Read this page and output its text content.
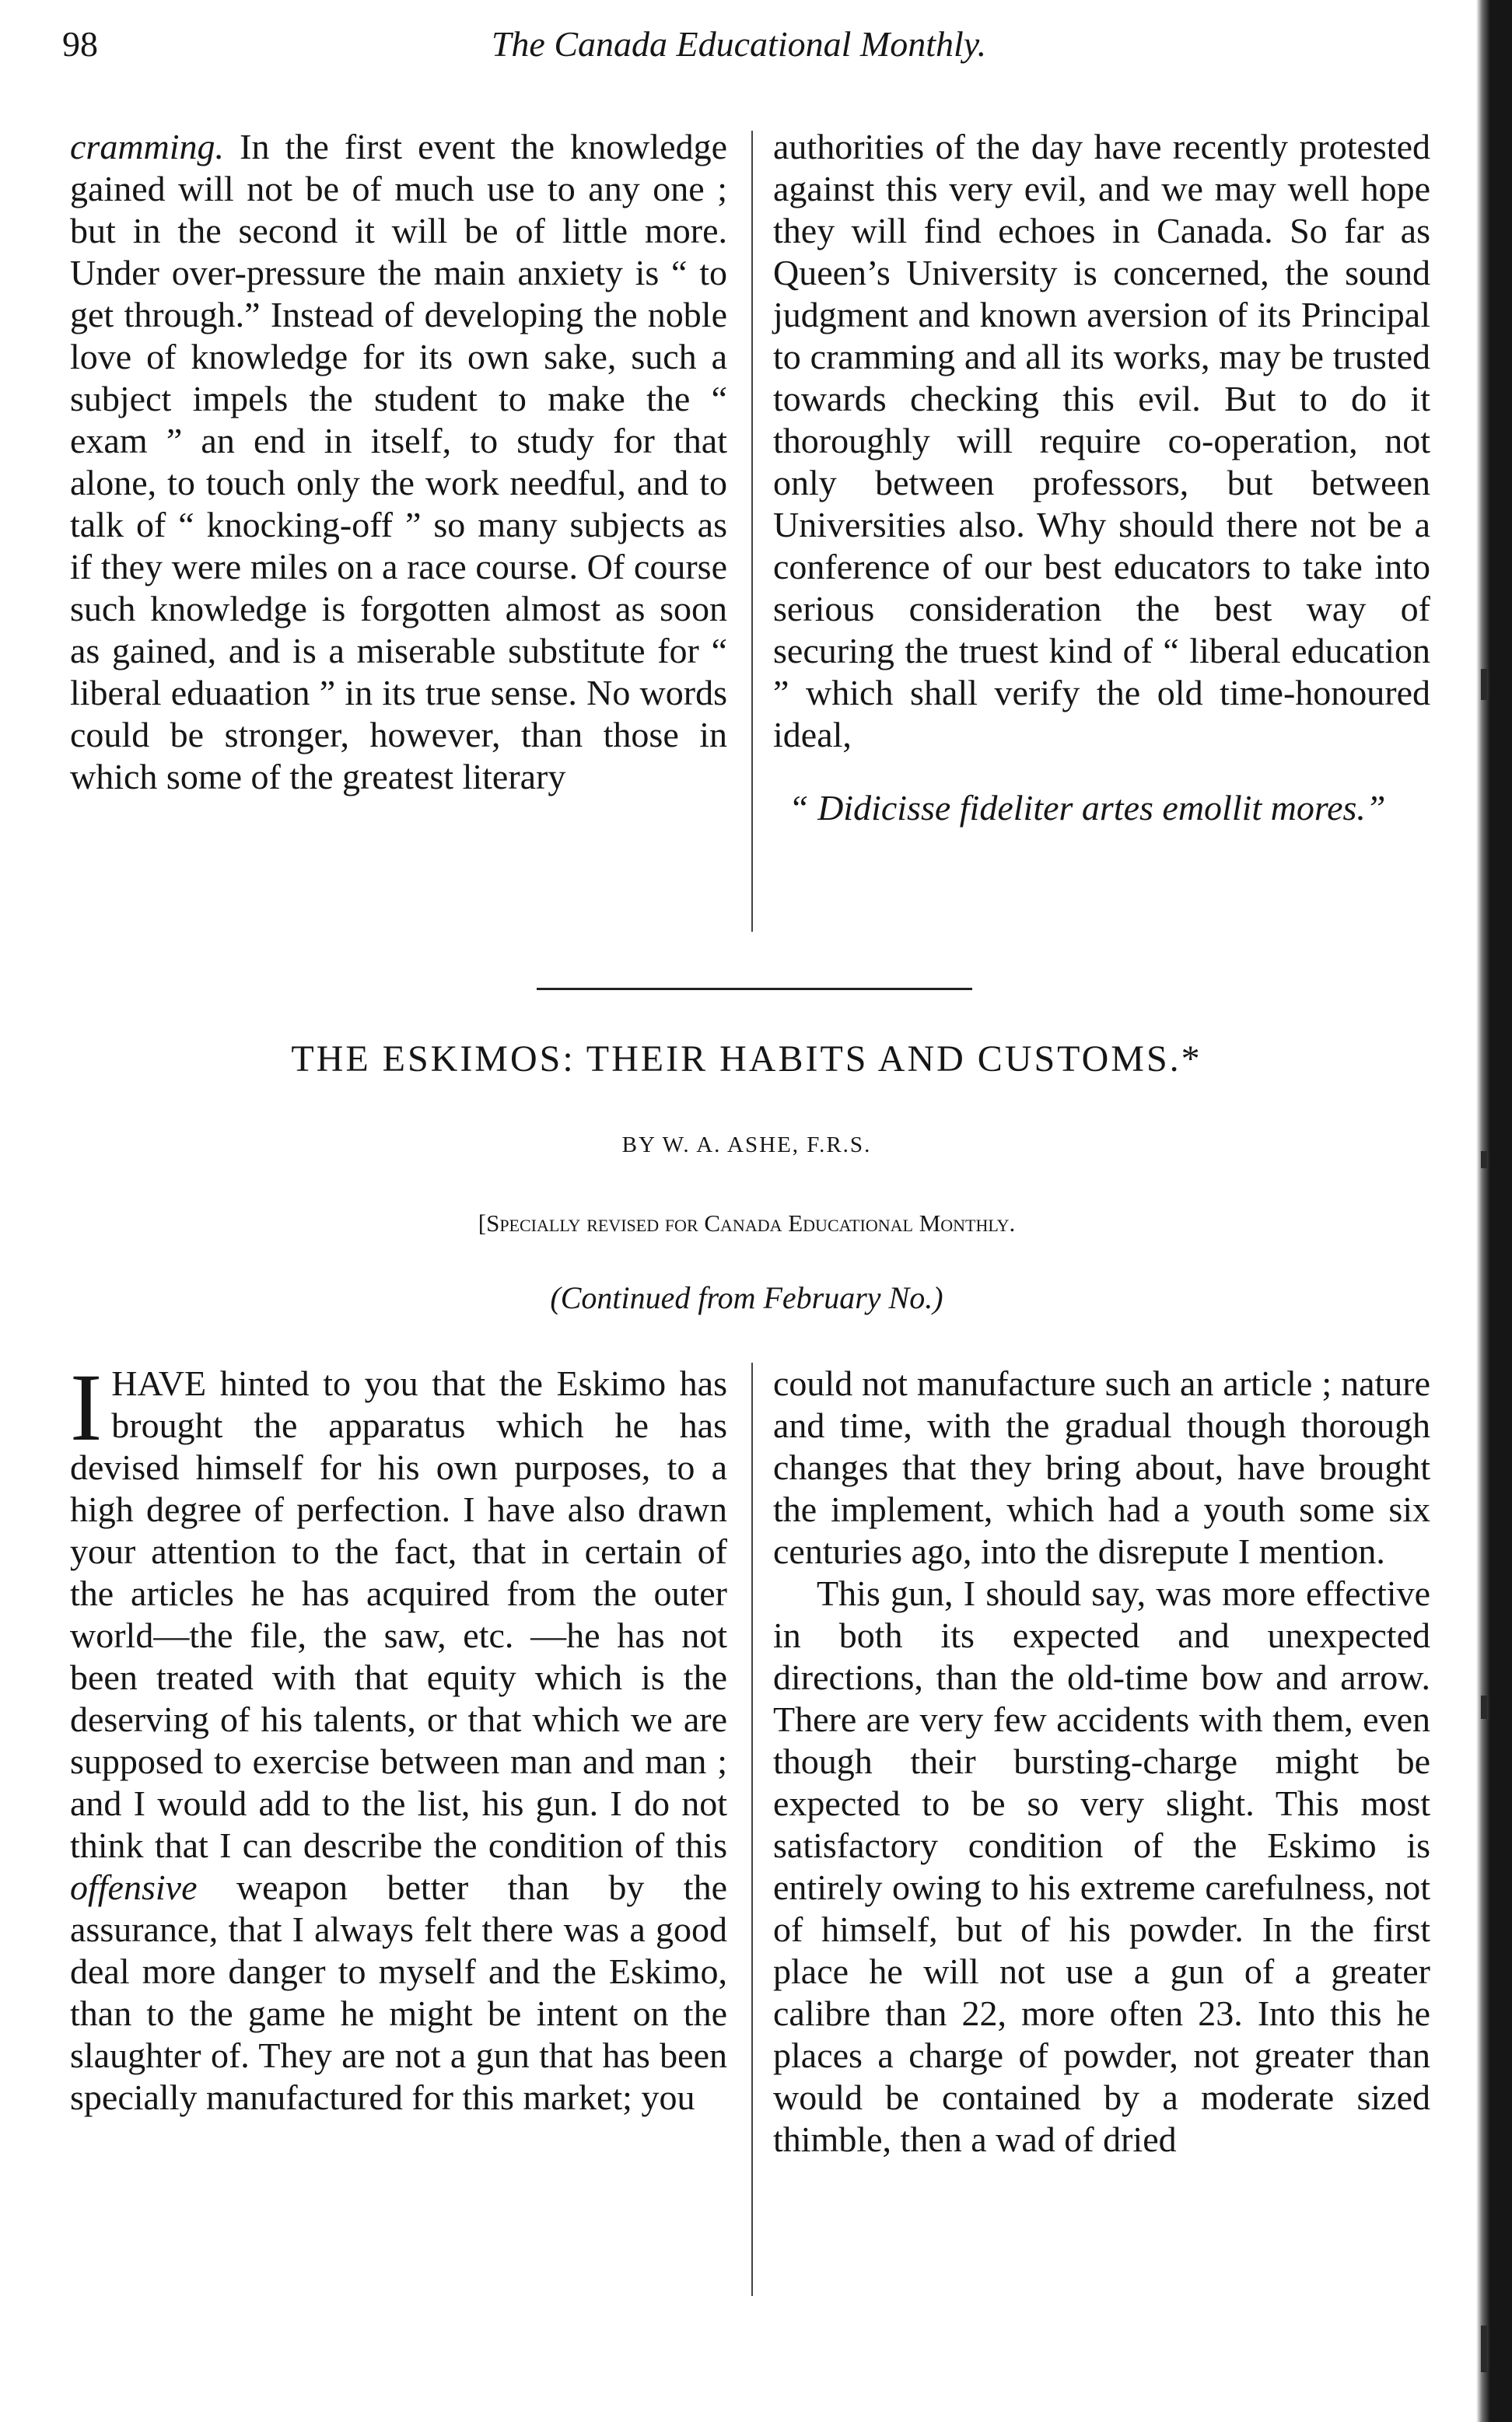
98	The Canada Educational Monthly.

cramming. In the first event the knowledge gained will not be of much use to any one ; but in the second it will be of little more. Under over-pressure the main anxiety is “ to get through.” Instead of developing the noble love of knowledge for its own sake, such a subject impels the student to make the “ exam ” an end in itself, to study for that alone, to touch only the work needful, and to talk of “ knocking-off ” so many subjects as if they were miles on a race course. Of course such knowledge is forgotten almost as soon as gained, and is a miserable substitute for “ liberal eduaation ” in its true sense. No words could be stronger, however, than those in which some of the greatest literary

authorities of the day have recently protested against this very evil, and we may well hope they will find echoes in Canada. So far as Queen’s University is concerned, the sound judgment and known aversion of its Principal to cramming and all its works, may be trusted towards checking this evil. But to do it thoroughly will require co-operation, not only between professors, but between Universities also. Why should there not be a conference of our best educators to take into serious consideration the best way of securing the truest kind of “ liberal education ” which shall verify the old time-honoured ideal,

“ Didicisse fideliter artes emollit mores.”

THE ESKIMOS: THEIR HABITS AND CUSTOMS.*
BY W. A. ASHE, F.R.S.
[Specially revised for Canada Educational Monthly.
(Continued from February No.)

I HAVE hinted to you that the Eskimo has brought the apparatus which he has devised himself for his own purposes, to a high degree of perfection. I have also drawn your attention to the fact, that in certain of the articles he has acquired from the outer world—the file, the saw, etc. —he has not been treated with that equity which is the deserving of his talents, or that which we are supposed to exercise between man and man ; and I would add to the list, his gun. I do not think that I can describe the condition of this offensive weapon better than by the assurance, that I always felt there was a good deal more danger to myself and the Eskimo, than to the game he might be intent on the slaughter of. They are not a gun that has been specially manufactured for this market; you

could not manufacture such an article ; nature and time, with the gradual though thorough changes that they bring about, have brought the implement, which had a youth some six centuries ago, into the disrepute I mention.

This gun, I should say, was more effective in both its expected and unexpected directions, than the old-time bow and arrow. There are very few accidents with them, even though their bursting-charge might be expected to be so very slight. This most satisfactory condition of the Eskimo is entirely owing to his extreme carefulness, not of himself, but of his powder. In the first place he will not use a gun of a greater calibre than 22, more often 23. Into this he places a charge of powder, not greater than would be contained by a moderate sized thimble, then a wad of dried
